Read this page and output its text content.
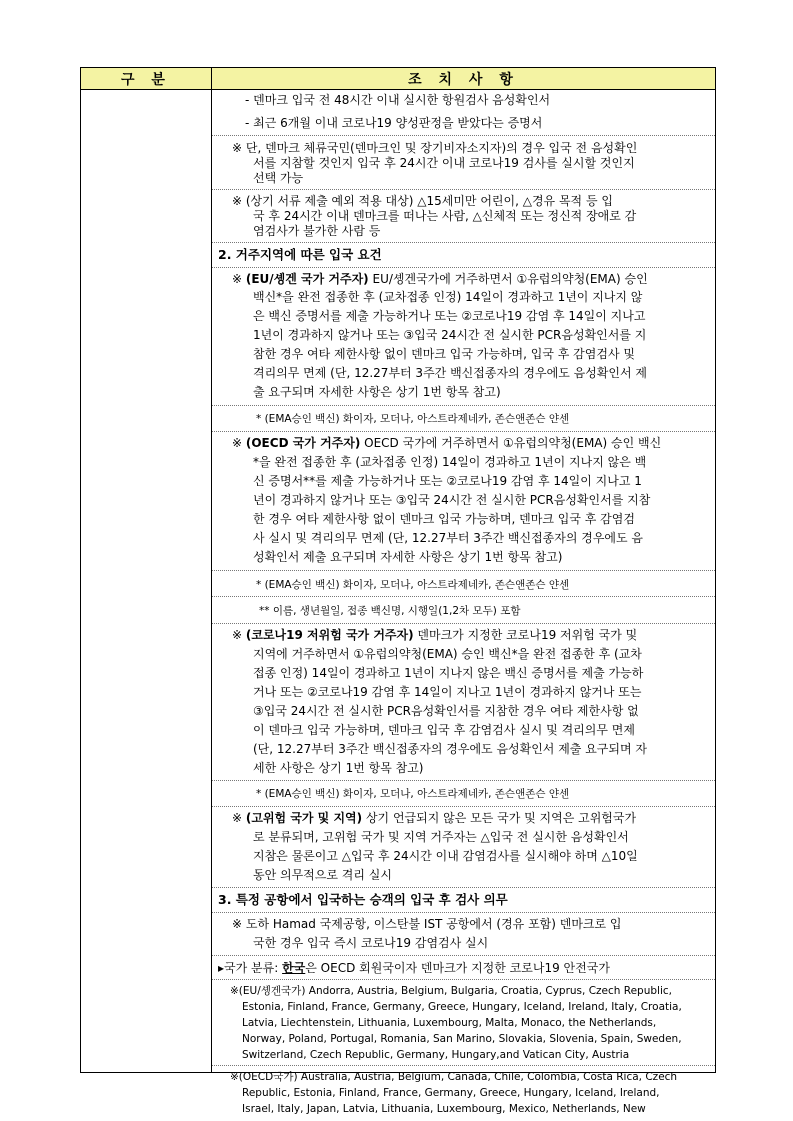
구 분	조 치 사 항
- 덴마크 입국 전 48시간 이내 실시한 항원검사 음성확인서
- 최근 6개월 이내 코로나19 양성판정을 받았다는 증명서
※ 단, 덴마크 체류국민(덴마크인 및 장기비자소지자)의 경우 입국 전 음성확인
서를 지참할 것인지 입국 후 24시간 이내 코로나19 검사를 실시할 것인지
선택 가능
※ (상기 서류 제출 예외 적용 대상) △15세미만 어린이, △경유 목적 등 입
국 후 24시간 이내 덴마크를 떠나는 사람, △신체적 또는 정신적 장애로 감
염검사가 불가한 사람 등
2. 거주지역에 따른 입국 요건
※ (EU/솅겐 국가 거주자) EU/솅겐국가에 거주하면서 ①유럽의약청(EMA) 승인
백신*을 완전 접종한 후 (교차접종 인정) 14일이 경과하고 1년이 지나지 않
은 백신 증명서를 제출 가능하거나 또는 ②코로나19 감염 후 14일이 지나고
1년이 경과하지 않거나 또는 ③입국 24시간 전 실시한 PCR음성확인서를 지
참한 경우 여타 제한사항 없이 덴마크 입국 가능하며, 입국 후 감염검사 및
격리의무 면제 (단, 12.27부터 3주간 백신접종자의 경우에도 음성확인서 제
출 요구되며 자세한 사항은 상기 1번 항목 참고)
* (EMA승인 백신) 화이자, 모더나, 아스트라제네카, 존슨앤존슨 얀센
※ (OECD 국가 거주자) OECD 국가에 거주하면서 ①유럽의약청(EMA) 승인 백신
*을 완전 접종한 후 (교차접종 인정) 14일이 경과하고 1년이 지나지 않은 백
신 증명서**를 제출 가능하거나 또는 ②코로나19 감염 후 14일이 지나고 1
년이 경과하지 않거나 또는 ③입국 24시간 전 실시한 PCR음성확인서를 지참
한 경우 여타 제한사항 없이 덴마크 입국 가능하며, 덴마크 입국 후 감염검
사 실시 및 격리의무 면제 (단, 12.27부터 3주간 백신접종자의 경우에도 음
성확인서 제출 요구되며 자세한 사항은 상기 1번 항목 참고)
* (EMA승인 백신) 화이자, 모더나, 아스트라제네카, 존슨앤존슨 얀센
** 이름, 생년월일, 접종 백신명, 시행일(1,2차 모두) 포함
※ (코로나19 저위험 국가 거주자) 덴마크가 지정한 코로나19 저위험 국가 및
지역에 거주하면서 ①유럽의약청(EMA) 승인 백신*을 완전 접종한 후 (교차
접종 인정) 14일이 경과하고 1년이 지나지 않은 백신 증명서를 제출 가능하
거나 또는 ②코로나19 감염 후 14일이 지나고 1년이 경과하지 않거나 또는
③입국 24시간 전 실시한 PCR음성확인서를 지참한 경우 여타 제한사항 없
이 덴마크 입국 가능하며, 덴마크 입국 후 감염검사 실시 및 격리의무 면제
(단, 12.27부터 3주간 백신접종자의 경우에도 음성확인서 제출 요구되며 자
세한 사항은 상기 1번 항목 참고)
* (EMA승인 백신) 화이자, 모더나, 아스트라제네카, 존슨앤존슨 얀센
※ (고위험 국가 및 지역) 상기 언급되지 않은 모든 국가 및 지역은 고위험국가
로 분류되며, 고위험 국가 및 지역 거주자는 △입국 전 실시한 음성확인서
지참은 물론이고 △입국 후 24시간 이내 감염검사를 실시해야 하며 △10일
동안 의무적으로 격리 실시
3. 특정 공항에서 입국하는 승객의 입국 후 검사 의무
※ 도하 Hamad 국제공항, 이스탄불 IST 공항에서 (경유 포함) 덴마크로 입
국한 경우 입국 즉시 코로나19 감염검사 실시
▸국가 분류: 한국은 OECD 회원국이자 덴마크가 지정한 코로나19 안전국가
※(EU/솅겐국가) Andorra, Austria, Belgium, Bulgaria, Croatia, Cyprus, Czech Republic,
Estonia, Finland, France, Germany, Greece, Hungary, Iceland, Ireland, Italy, Croatia,
Latvia, Liechtenstein, Lithuania, Luxembourg, Malta, Monaco, the Netherlands,
Norway, Poland, Portugal, Romania, San Marino, Slovakia, Slovenia, Spain, Sweden,
Switzerland, Czech Republic, Germany, Hungary,and Vatican City, Austria
※(OECD국가) Australia, Austria, Belgium, Canada, Chile, Colombia, Costa Rica, Czech
Republic, Estonia, Finland, France, Germany, Greece, Hungary, Iceland, Ireland,
Israel, Italy, Japan, Latvia, Lithuania, Luxembourg, Mexico, Netherlands, New
